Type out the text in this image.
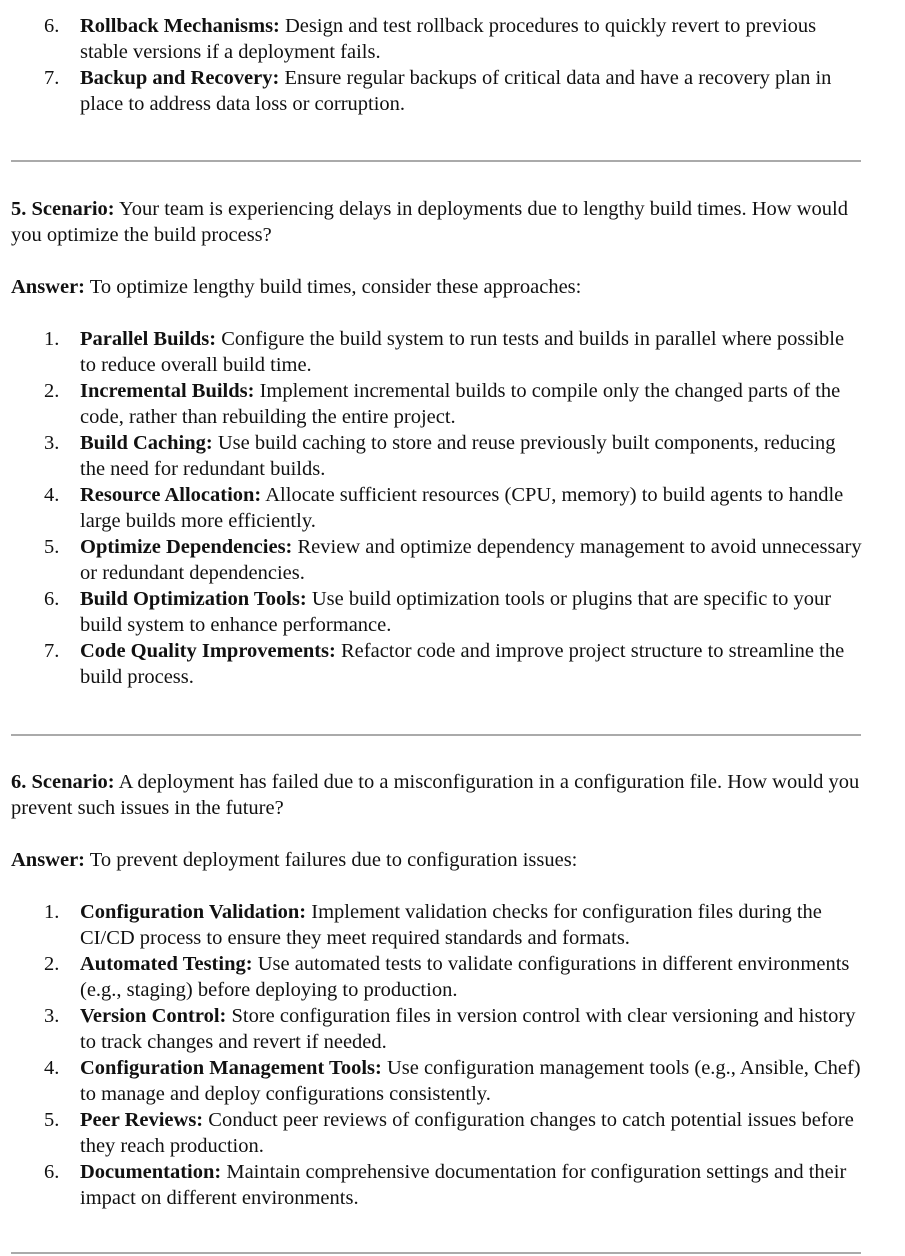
6.	Rollback Mechanisms: Design and test rollback procedures to quickly revert to previous stable versions if a deployment fails.
7.	Backup and Recovery: Ensure regular backups of critical data and have a recovery plan in place to address data loss or corruption.

5. Scenario: Your team is experiencing delays in deployments due to lengthy build times. How would you optimize the build process?

Answer: To optimize lengthy build times, consider these approaches:

1.	Parallel Builds: Configure the build system to run tests and builds in parallel where possible to reduce overall build time.
2.	Incremental Builds: Implement incremental builds to compile only the changed parts of the code, rather than rebuilding the entire project.
3.	Build Caching: Use build caching to store and reuse previously built components, reducing the need for redundant builds.
4.	Resource Allocation: Allocate sufficient resources (CPU, memory) to build agents to handle large builds more efficiently.
5.	Optimize Dependencies: Review and optimize dependency management to avoid unnecessary or redundant dependencies.
6.	Build Optimization Tools: Use build optimization tools or plugins that are specific to your build system to enhance performance.
7.	Code Quality Improvements: Refactor code and improve project structure to streamline the build process.

6. Scenario: A deployment has failed due to a misconfiguration in a configuration file. How would you prevent such issues in the future?

Answer: To prevent deployment failures due to configuration issues:

1.	Configuration Validation: Implement validation checks for configuration files during the CI/CD process to ensure they meet required standards and formats.
2.	Automated Testing: Use automated tests to validate configurations in different environments (e.g., staging) before deploying to production.
3.	Version Control: Store configuration files in version control with clear versioning and history to track changes and revert if needed.
4.	Configuration Management Tools: Use configuration management tools (e.g., Ansible, Chef) to manage and deploy configurations consistently.
5.	Peer Reviews: Conduct peer reviews of configuration changes to catch potential issues before they reach production.
6.	Documentation: Maintain comprehensive documentation for configuration settings and their impact on different environments.
